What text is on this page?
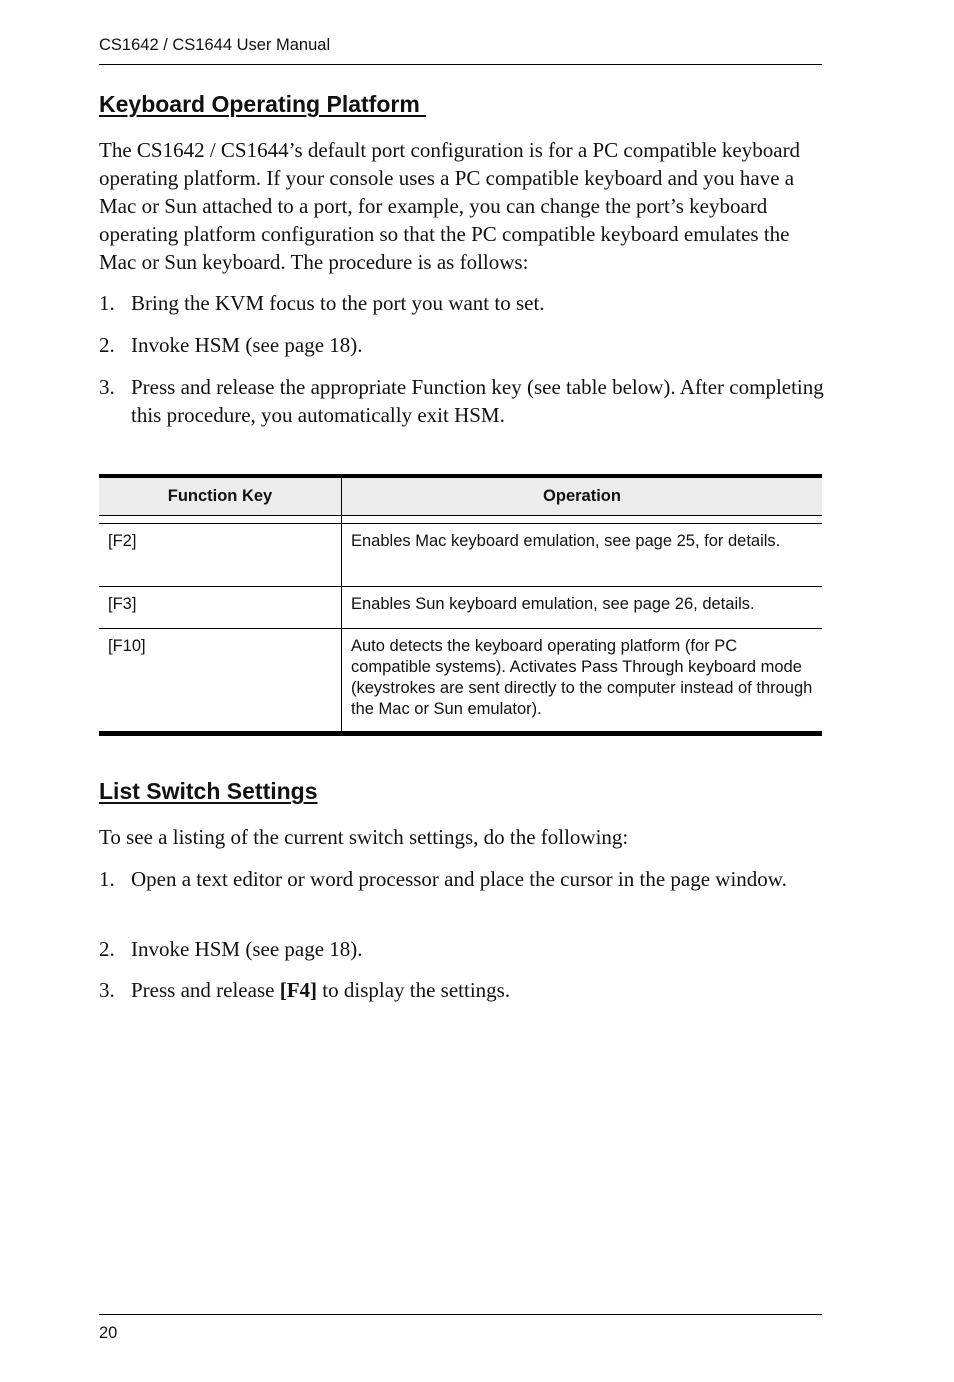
CS1642 / CS1644 User Manual
Keyboard Operating Platform

The CS1642 / CS1644’s default port configuration is for a PC compatible keyboard operating platform. If your console uses a PC compatible keyboard and you have a Mac or Sun attached to a port, for example, you can change the port’s keyboard operating platform configuration so that the PC compatible keyboard emulates the Mac or Sun keyboard. The procedure is as follows:

1. Bring the KVM focus to the port you want to set.
2. Invoke HSM (see page 18).
3. Press and release the appropriate Function key (see table below). After completing this procedure, you automatically exit HSM.
Function Key	Operation
[F2]	Enables Mac keyboard emulation, see page 25, for details.
[F3]	Enables Sun keyboard emulation, see page 26, details.
[F10]	Auto detects the keyboard operating platform (for PC compatible systems). Activates Pass Through keyboard mode (keystrokes are sent directly to the computer instead of through the Mac or Sun emulator).
List Switch Settings

To see a listing of the current switch settings, do the following:

1. Open a text editor or word processor and place the cursor in the page window.
2. Invoke HSM (see page 18).
3. Press and release [F4] to display the settings.
20
